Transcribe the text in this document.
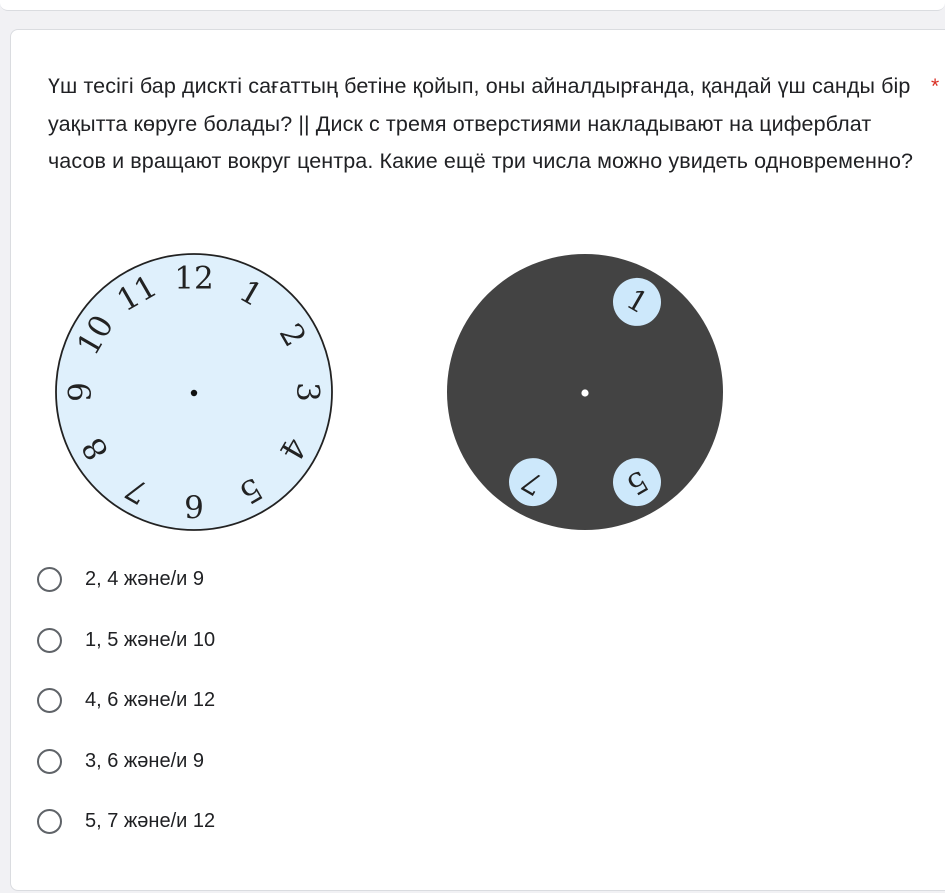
Үш тесігі бар дискті сағаттың бетіне қойып, оны айналдырғанда, қандай үш санды бір уақытта көруге болады? || Диск с тремя отверстиями накладывают на циферблат часов и вращают вокруг центра. Какие ещё три числа можно увидеть одновременно?
*
12 1
2
3
4
5
6
7
8
9
10
11	1
5
7
2, 4 және/и 9
1, 5 және/и 10
4, 6 және/и 12
3, 6 және/и 9
5, 7 және/и 12
